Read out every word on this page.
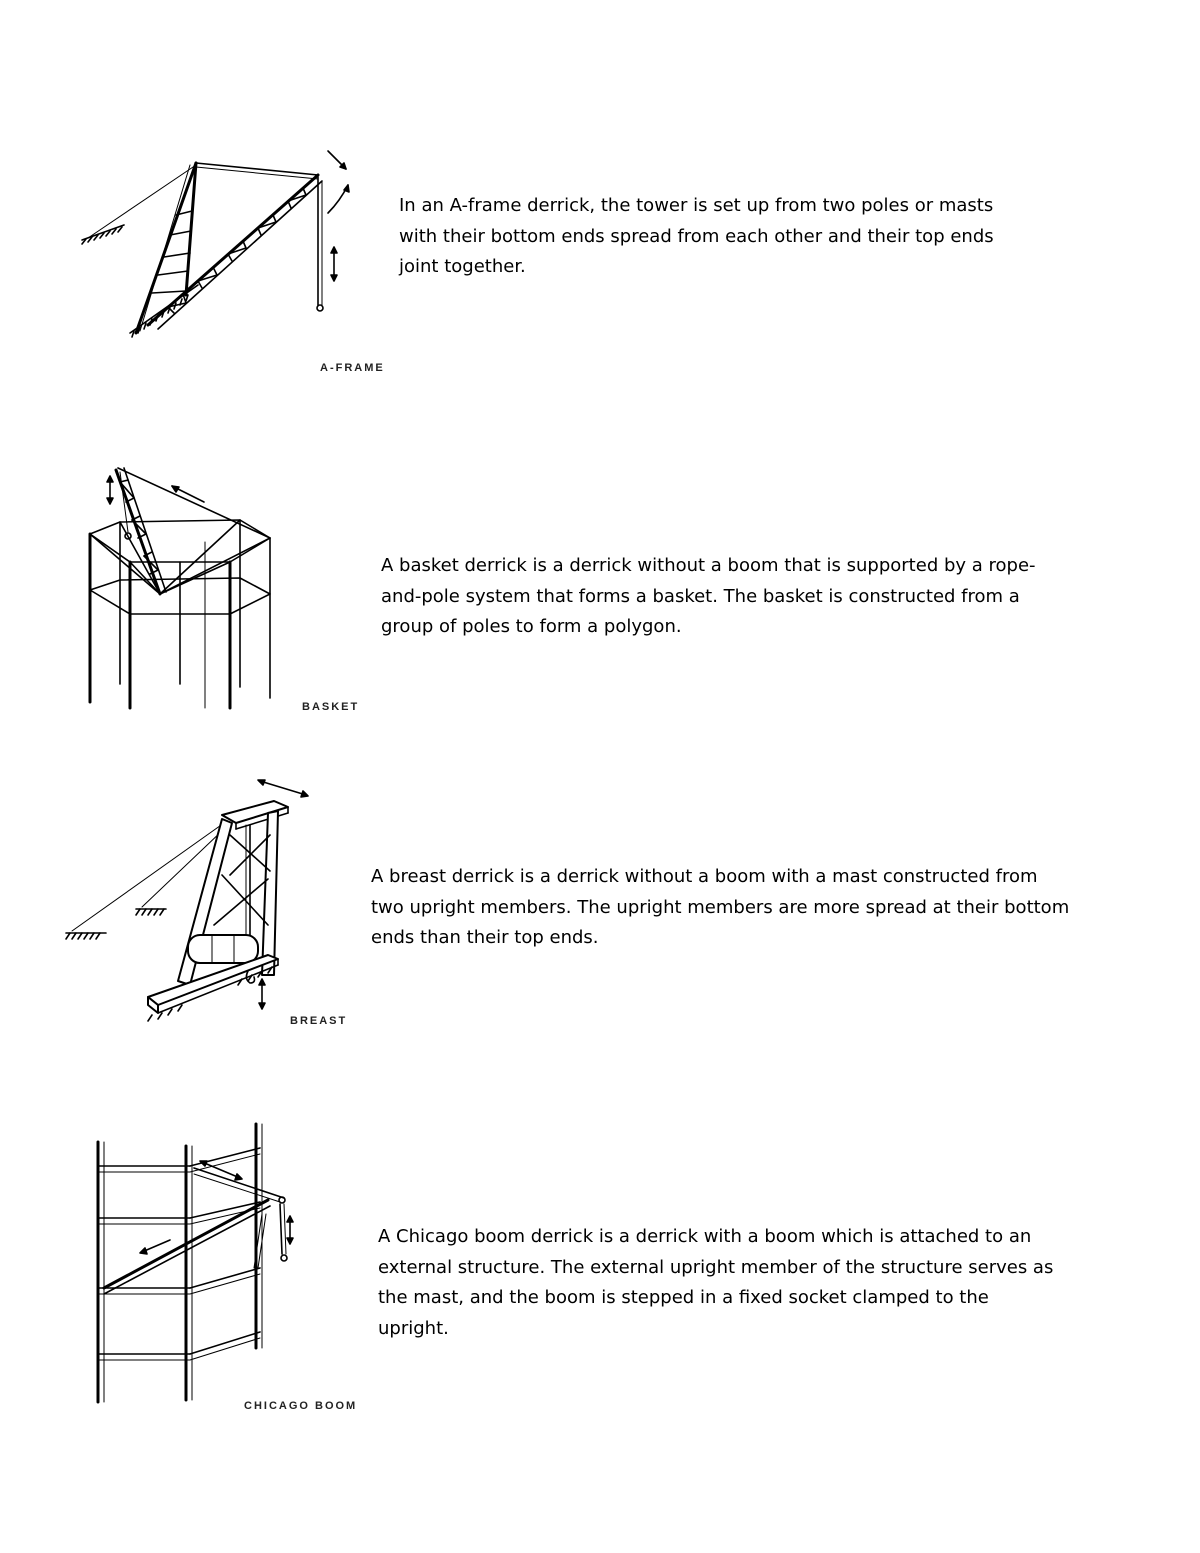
A-FRAME

In an A-frame derrick, the tower is set up from two poles or masts with their bottom ends spread from each other and their top ends joint together.

BASKET

A basket derrick is a derrick without a boom that is supported by a rope-and-pole system that forms a basket. The basket is constructed from a group of poles to form a polygon.

BREAST

A breast derrick is a derrick without a boom with a mast constructed from two upright members. The upright members are more spread at their bottom ends than their top ends.

CHICAGO BOOM

A Chicago boom derrick is a derrick with a boom which is attached to an external structure. The external upright member of the structure serves as the mast, and the boom is stepped in a fixed socket clamped to the upright.
